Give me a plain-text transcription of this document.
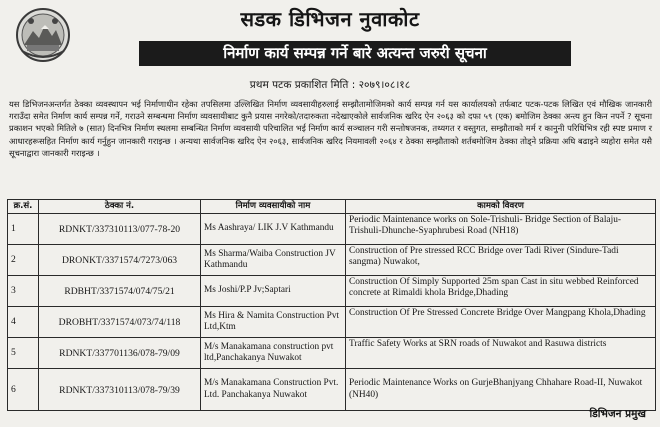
सडक डिभिजन नुवाकोट
निर्माण कार्य सम्पन्न गर्ने बारे अत्यन्त जरुरी सूचना
प्रथम पटक प्रकाशित मिति : २०७९।०८।१८
यस डिभिजनअन्तर्गत ठेक्का व्यवस्थापन भई निर्माणाधीन रहेका तपसिलमा उल्लिखित निर्माण व्यवसायीहरुलाई सम्झौतामोजिमको कार्य सम्पन्न गर्न यस कार्यालयको तर्फबाट पटक-पटक लिखित एवं मौखिक जानकारी गराउँदा समेत निर्माण कार्य सम्पन्न गर्ने, गराउने सम्बन्धमा निर्माण व्यवसायीबाट कुनै प्रयास नगरेको/तदारुकता नदेखाएकोले सार्वजनिक खरिद ऐन २०६३ को दफा ५९ (एक) बमोजिम ठेक्का अन्त्य हुन किन नपर्ने ? सूचना प्रकाशन भएको मितिले ७ (सात) दिनभित्र निर्माण स्थलमा सम्बन्धित निर्माण व्यवसायी परिचालित भई निर्माण कार्य सञ्चालन गरी सन्तोषजनक, तथ्यगत र वस्तुगत, सम्झौताको मर्म र कानुनी परिधिभित्र रही स्पष्ट प्रमाण र आधारहरूसहित निर्माण कार्य गर्नुहुन जानकारी गराइन्छ । अन्यथा सार्वजनिक खरिद ऐन २०६३, सार्वजनिक खरिद नियमावली २०६४ र ठेक्का सम्झौताको शर्तबमोजिम ठेक्का तोड्ने प्रक्रिया अघि बढाइने व्यहोरा समेत यसै सूचनाद्वारा जानकारी गराइन्छ ।
क्र.सं.	ठेक्का नं.	निर्माण व्यवसायीको नाम	कामको विवरण
1	RDNKT/337310113/077-78-20	Ms Aashraya/ LIK J.V Kathmandu	Periodic Maintenance works on Sole-Trishuli- Bridge Section of Balaju-Trishuli-Dhunche-Syaphrubesi Road (NH18)
2	DRONKT/3371574/7273/063	Ms Sharma/Waiba Construction JV Kathmandu	Construction of Pre stressed RCC Bridge over Tadi River (Sindure-Tadi sangma) Nuwakot,
3	RDBHT/3371574/074/75/21	Ms Joshi/P.P Jv;Saptari	Construction Of Simply Supported 25m span Cast in situ webbed Reinforced concrete at Rimaldi khola Bridge,Dhading
4	DROBHT/3371574/073/74/118	Ms Hira & Namita Construction Pvt Ltd,Ktm	Construction Of Pre Stressed Concrete Bridge Over Mangpang Khola,Dhading
5	RDNKT/337701136/078-79/09	M/s Manakamana construction pvt ltd,Panchakanya Nuwakot	Traffic Safety Works at SRN roads of Nuwakot and Rasuwa districts
6	RDNKT/337310113/078-79/39	M/s Manakamana Construction Pvt. Ltd. Panchakanya Nuwakot	Periodic Maintenance Works on GurjeBhanjyang Chhahare Road-II, Nuwakot (NH40)
डिभिजन प्रमुख
